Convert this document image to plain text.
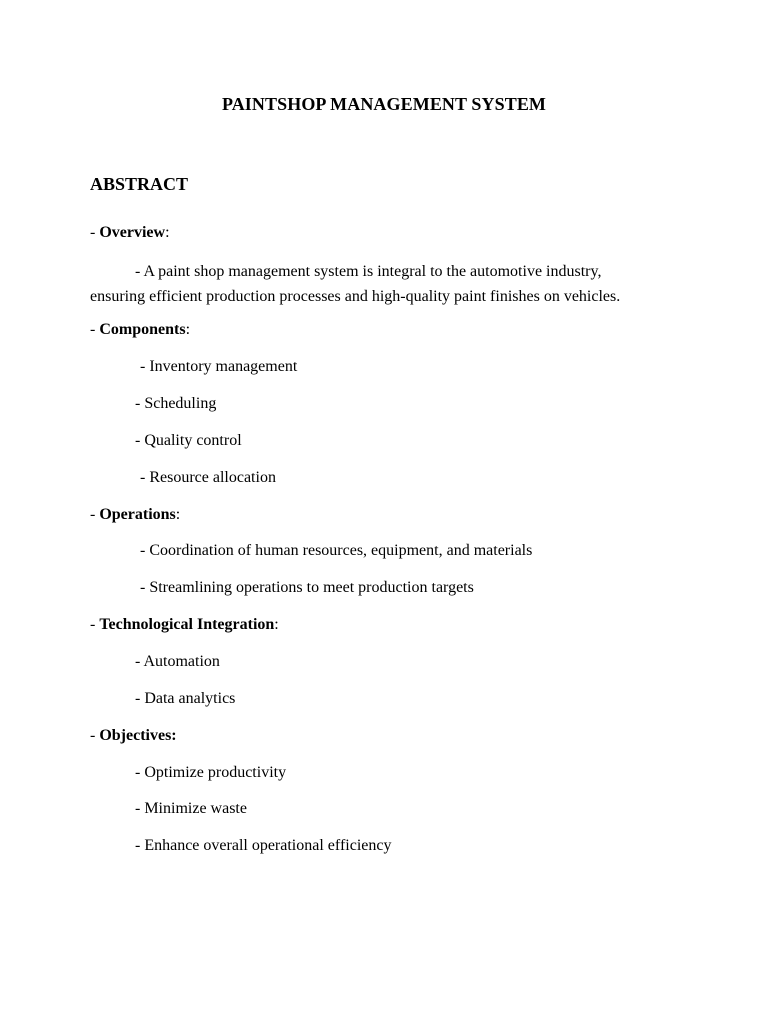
PAINTSHOP MANAGEMENT SYSTEM
ABSTRACT
- Overview:
- A paint shop management system is integral to the automotive industry,
ensuring efficient production processes and high-quality paint finishes on vehicles.
- Components:
- Inventory management
- Scheduling
- Quality control
- Resource allocation
- Operations:
- Coordination of human resources, equipment, and materials
- Streamlining operations to meet production targets
- Technological Integration:
- Automation
- Data analytics
- Objectives:
- Optimize productivity
- Minimize waste
- Enhance overall operational efficiency
